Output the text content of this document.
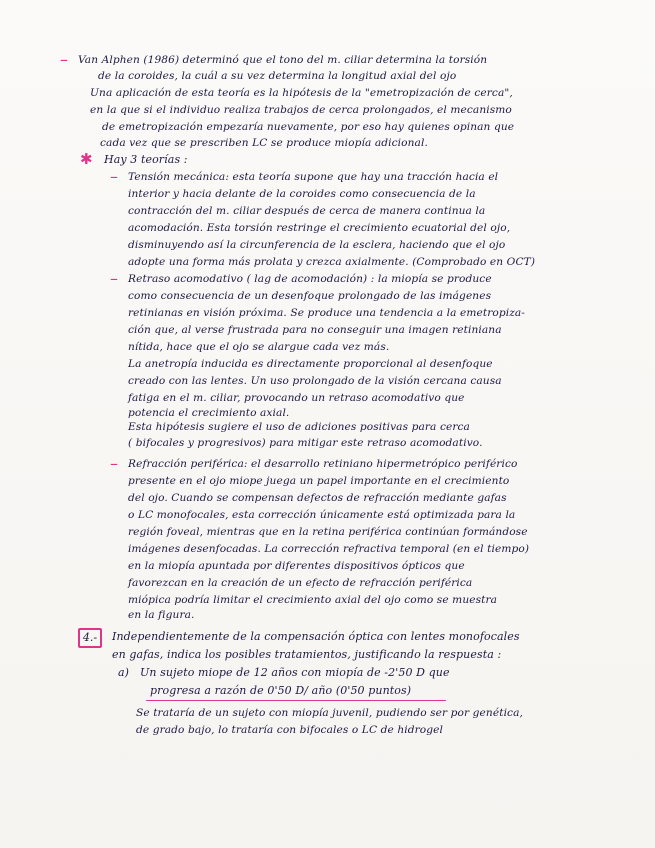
– Van Alphen (1986) determinó que el tono del m. ciliar determina la torsión
de la coroides, la cuál a su vez determina la longitud axial del ojo
Una aplicación de esta teoría es la hipótesis de la "emetropización de cerca",
en la que si el individuo realiza trabajos de cerca prolongados, el mecanismo
de emetropización empezaría nuevamente, por eso hay quienes opinan que
cada vez que se prescriben LC se produce miopía adicional.
✱ Hay 3 teorías :
– Tensión mecánica: esta teoría supone que hay una tracción hacia el
interior y hacia delante de la coroides como consecuencia de la
contracción del m. ciliar después de cerca de manera continua la
acomodación. Esta torsión restringe el crecimiento ecuatorial del ojo,
disminuyendo así la circunferencia de la esclera, haciendo que el ojo
adopte una forma más prolata y crezca axialmente. (Comprobado en OCT)
– Retraso acomodativo ( lag de acomodación) : la miopía se produce
como consecuencia de un desenfoque prolongado de las imágenes
retinianas en visión próxima. Se produce una tendencia a la emetropiza-
ción que, al verse frustrada para no conseguir una imagen retiniana
nítida, hace que el ojo se alargue cada vez más.
La anetropía inducida es directamente proporcional al desenfoque
creado con las lentes. Un uso prolongado de la visión cercana causa
fatiga en el m. ciliar, provocando un retraso acomodativo que
potencia el crecimiento axial.
Esta hipótesis sugiere el uso de adiciones positivas para cerca
( bifocales y progresivos) para mitigar este retraso acomodativo.
– Refracción periférica: el desarrollo retiniano hipermetrópico periférico
presente en el ojo miope juega un papel importante en el crecimiento
del ojo. Cuando se compensan defectos de refracción mediante gafas
o LC monofocales, esta corrección únicamente está optimizada para la
región foveal, mientras que en la retina periférica continúan formándose
imágenes desenfocadas. La corrección refractiva temporal (en el tiempo)
en la miopía apuntada por diferentes dispositivos ópticos que
favorezcan en la creación de un efecto de refracción periférica
miópica podría limitar el crecimiento axial del ojo como se muestra
en la figura.
4.-	Independientemente de la compensación óptica con lentes monofocales
en gafas, indica los posibles tratamientos, justificando la respuesta :
a) Un sujeto miope de 12 años con miopía de -2'50 D que
progresa a razón de 0'50 D/ año (0'50 puntos)
Se trataría de un sujeto con miopía juvenil, pudiendo ser por genética,
de grado bajo, lo trataría con bifocales o LC de hidrogel
